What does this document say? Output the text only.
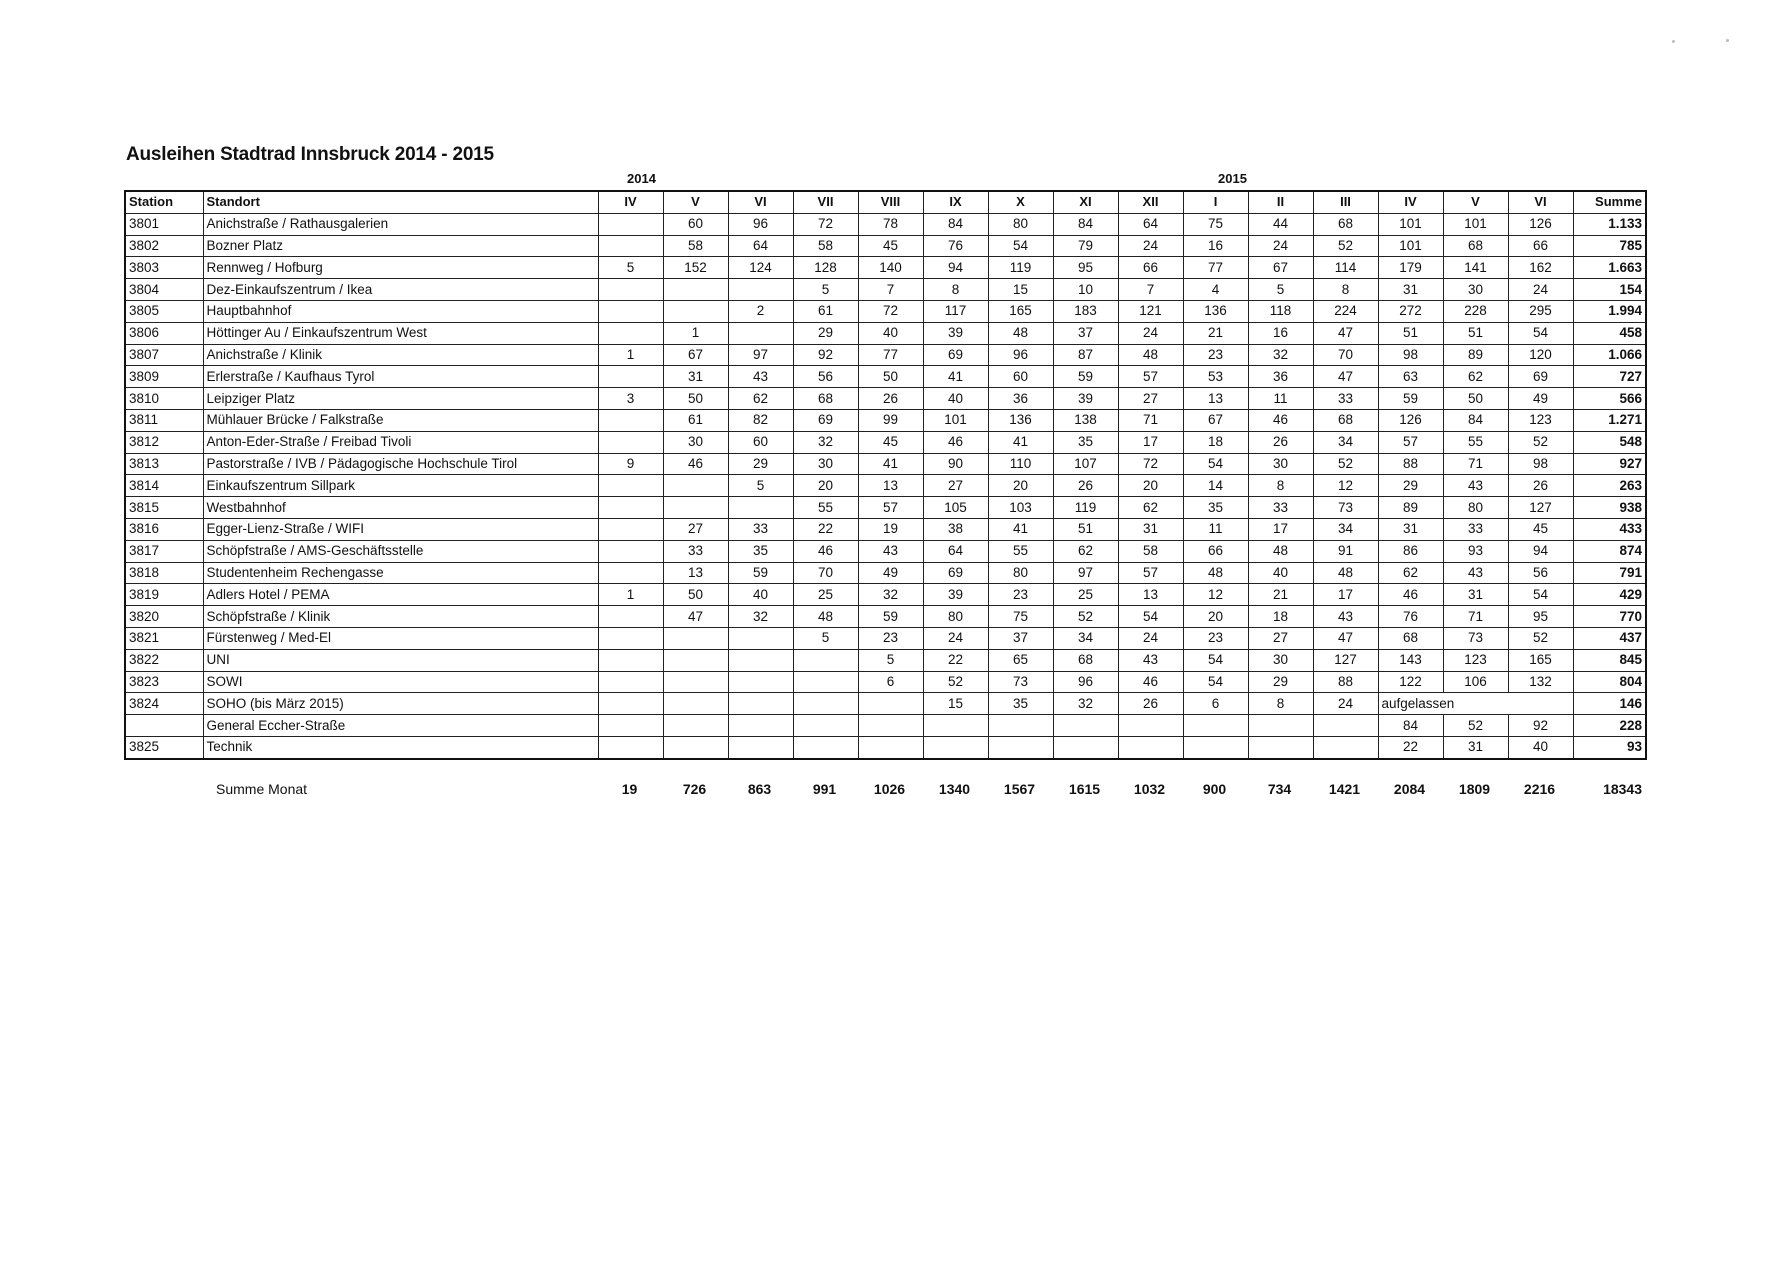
Ausleihen Stadtrad Innsbruck 2014 - 2015
2014	2015
Station	Standort	IV	V	VI	VII	VIII	IX	X	XI	XII	I	II	III	IV	V	VI	Summe
3801	Anichstraße / Rathausgalerien		60	96	72	78	84	80	84	64	75	44	68	101	101	126	1.133
3802	Bozner Platz		58	64	58	45	76	54	79	24	16	24	52	101	68	66	785
3803	Rennweg / Hofburg	5	152	124	128	140	94	119	95	66	77	67	114	179	141	162	1.663
3804	Dez-Einkaufszentrum / Ikea				5	7	8	15	10	7	4	5	8	31	30	24	154
3805	Hauptbahnhof			2	61	72	117	165	183	121	136	118	224	272	228	295	1.994
3806	Höttinger Au / Einkaufszentrum West		1		29	40	39	48	37	24	21	16	47	51	51	54	458
3807	Anichstraße / Klinik	1	67	97	92	77	69	96	87	48	23	32	70	98	89	120	1.066
3809	Erlerstraße / Kaufhaus Tyrol		31	43	56	50	41	60	59	57	53	36	47	63	62	69	727
3810	Leipziger Platz	3	50	62	68	26	40	36	39	27	13	11	33	59	50	49	566
3811	Mühlauer Brücke / Falkstraße		61	82	69	99	101	136	138	71	67	46	68	126	84	123	1.271
3812	Anton-Eder-Straße / Freibad Tivoli		30	60	32	45	46	41	35	17	18	26	34	57	55	52	548
3813	Pastorstraße / IVB / Pädagogische Hochschule Tirol	9	46	29	30	41	90	110	107	72	54	30	52	88	71	98	927
3814	Einkaufszentrum Sillpark			5	20	13	27	20	26	20	14	8	12	29	43	26	263
3815	Westbahnhof				55	57	105	103	119	62	35	33	73	89	80	127	938
3816	Egger-Lienz-Straße / WIFI		27	33	22	19	38	41	51	31	11	17	34	31	33	45	433
3817	Schöpfstraße / AMS-Geschäftsstelle		33	35	46	43	64	55	62	58	66	48	91	86	93	94	874
3818	Studentenheim Rechengasse		13	59	70	49	69	80	97	57	48	40	48	62	43	56	791
3819	Adlers Hotel / PEMA	1	50	40	25	32	39	23	25	13	12	21	17	46	31	54	429
3820	Schöpfstraße / Klinik		47	32	48	59	80	75	52	54	20	18	43	76	71	95	770
3821	Fürstenweg / Med-El				5	23	24	37	34	24	23	27	47	68	73	52	437
3822	UNI					5	22	65	68	43	54	30	127	143	123	165	845
3823	SOWI					6	52	73	96	46	54	29	88	122	106	132	804
3824	SOHO (bis März 2015)						15	35	32	26	6	8	24	aufgelassen			146
	General Eccher-Straße													84	52	92	228
3825	Technik													22	31	40	93
Summe Monat	19	726	863	991	1026	1340	1567	1615	1032	900	734	1421	2084	1809	2216	18343
